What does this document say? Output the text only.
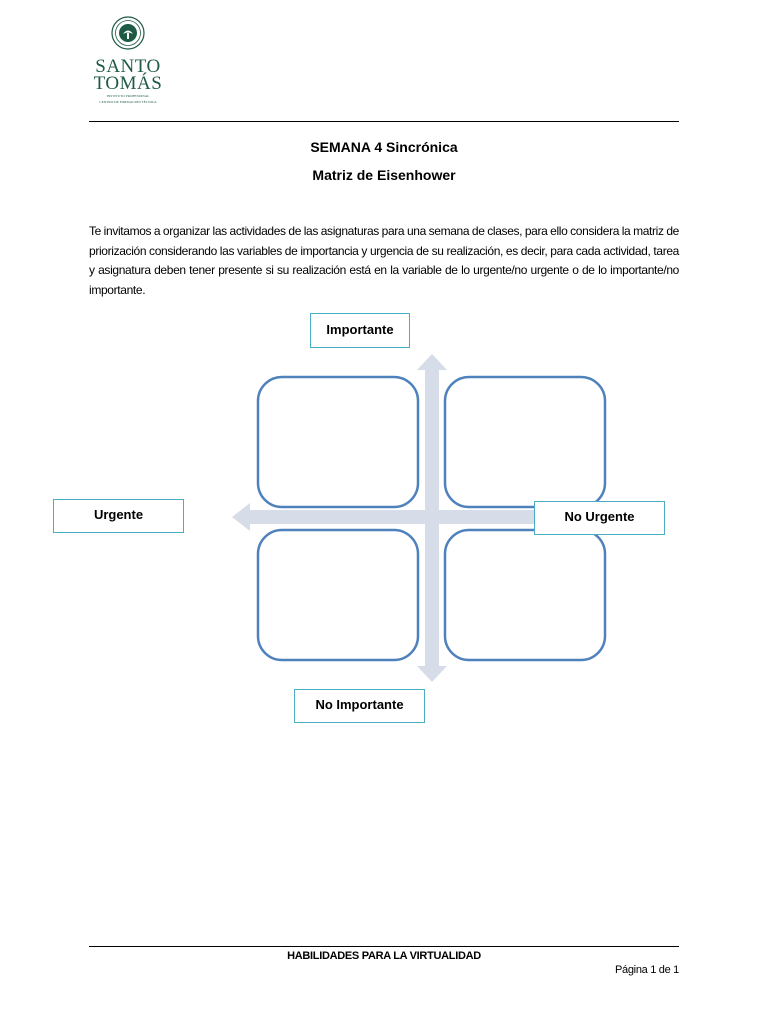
SANTO
TOMÁS
INSTITUTO PROFESIONAL
CENTRO DE FORMACIÓN TÉCNICA
SEMANA 4 Sincrónica
Matriz de Eisenhower
Te invitamos a organizar las actividades de las asignaturas para una semana de clases, para ello considera la matriz de priorización considerando las variables de importancia y urgencia de su realización, es decir, para cada actividad, tarea y asignatura deben tener presente si su realización está en la variable de lo urgente/no urgente o de lo importante/no importante.
Importante
Urgente	No Urgente
No Importante
HABILIDADES PARA LA VIRTUALIDAD
Página 1 de 1
